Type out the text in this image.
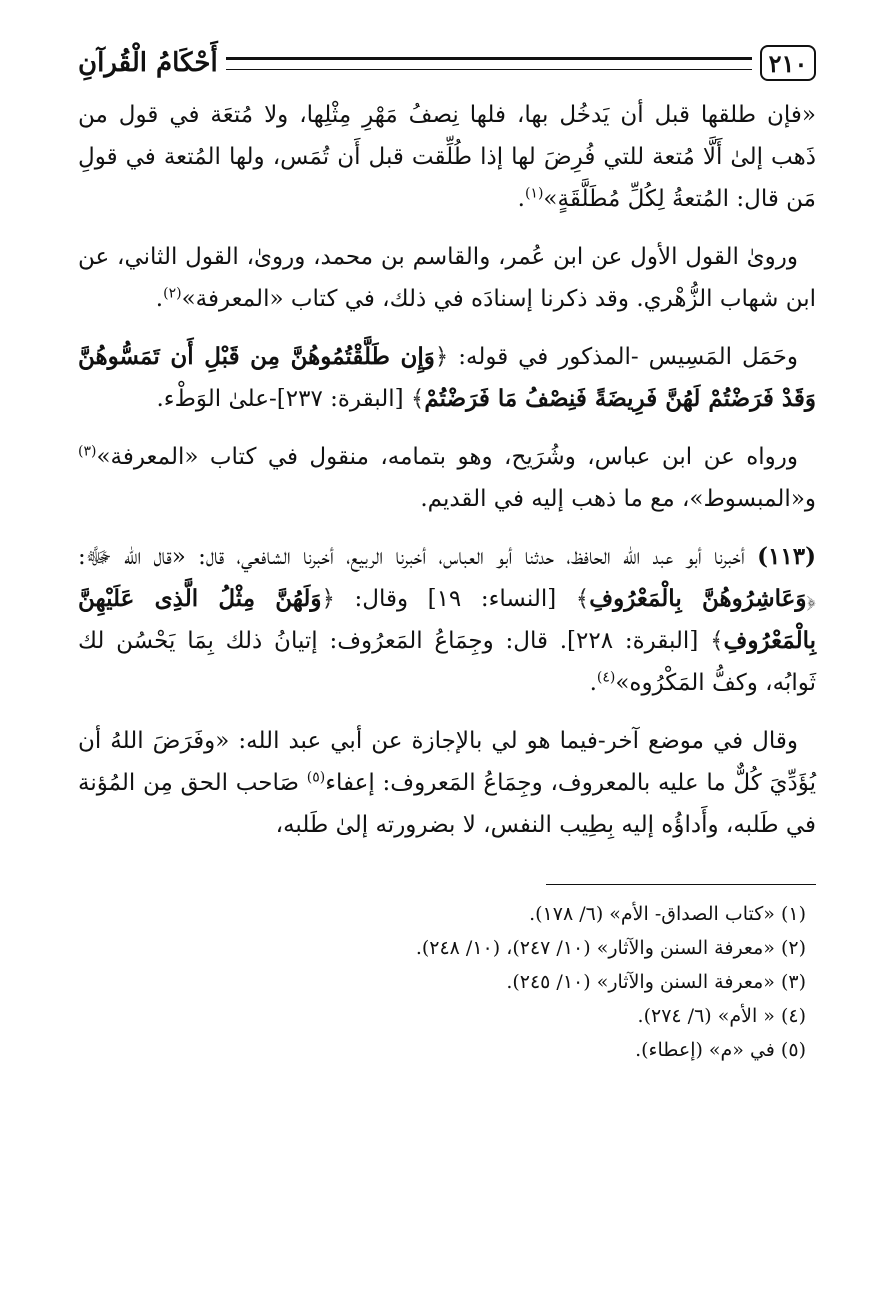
٢١٠
أَحْكَامُ الْقُرآنِ

«فإن طلقها قبل أن يَدخُل بها، فلها نِصفُ مَهْرِ مِثْلِها، ولا مُتعَة في قول من ذَهب إلىٰ أَلَّا مُتعة للتي فُرِضَ لها إذا طُلِّقت قبل أَن تُمَس، ولها المُتعة في قولِ مَن قال: المُتعةُ لِكُلِّ مُطَلَّقَةٍ»$^{(١)}$.

ورویٰ القول الأول عن ابن عُمر، والقاسم بن محمد، وروىٰ، القول الثاني، عن ابن شهاب الزُّهْري. وقد ذكرنا إسنادَه في ذلك، في كتاب «المعرفة»$^{(٢)}$.

وحَمَل المَسِيس -المذكور في قوله: ﴿وَإِن طَلَّقْتُمُوهُنَّ مِن قَبْلِ أَن تَمَسُّوهُنَّ وَقَدْ فَرَضْتُمْ لَهُنَّ فَرِيضَةً فَنِصْفُ مَا فَرَضْتُمْ﴾ [البقرة: ٢٣٧]-علىٰ الوَطْء.

ورواه عن ابن عباس، وشُرَيح، وهو بتمامه، منقول في كتاب «المعرفة»$^{(٣)}$ و«المبسوط»، مع ما ذهب إليه في القديم.

(١١٣) أخبرنا أبو عبد الله الحافظ، حدثنا أبو العباس، أخبرنا الربيع، أخبرنا الشافعي، قال: «قال الله ﷻ: ﴿وَعَاشِرُوهُنَّ بِالْمَعْرُوفِ﴾ [النساء: ١٩] وقال: ﴿وَلَهُنَّ مِثْلُ الَّذِى عَلَيْهِنَّ بِالْمَعْرُوفِ﴾ [البقرة: ٢٢٨]. قال: وجِمَاعُ المَعرُوف: إتيانُ ذلك بِمَا يَحْسُن لك ثَوابُه، وكفُّ المَكْرُوه»$^{(٤)}$.

وقال في موضع آخر-فيما هو لي بالإجازة عن أبي عبد الله: «وفَرَضَ اللهُ أن يُؤَدِّيَ كُلٌّ ما عليه بالمعروف، وجِمَاعُ المَعروف: إعفاء$^{(٥)}$ صَاحب الحق مِن المُؤنة في طَلبه، وأَداؤُه إليه بِطِيب النفس، لا بضرورته إلىٰ طَلبه،

(١) «كتاب الصداق- الأم» (٦/ ١٧٨).
(٢) «معرفة السنن والآثار» (١٠/ ٢٤٧)، (١٠/ ٢٤٨).
(٣) «معرفة السنن والآثار» (١٠/ ٢٤٥).
(٤) « الأم» (٦/ ٢٧٤).
(٥) في «م» (إعطاء).
